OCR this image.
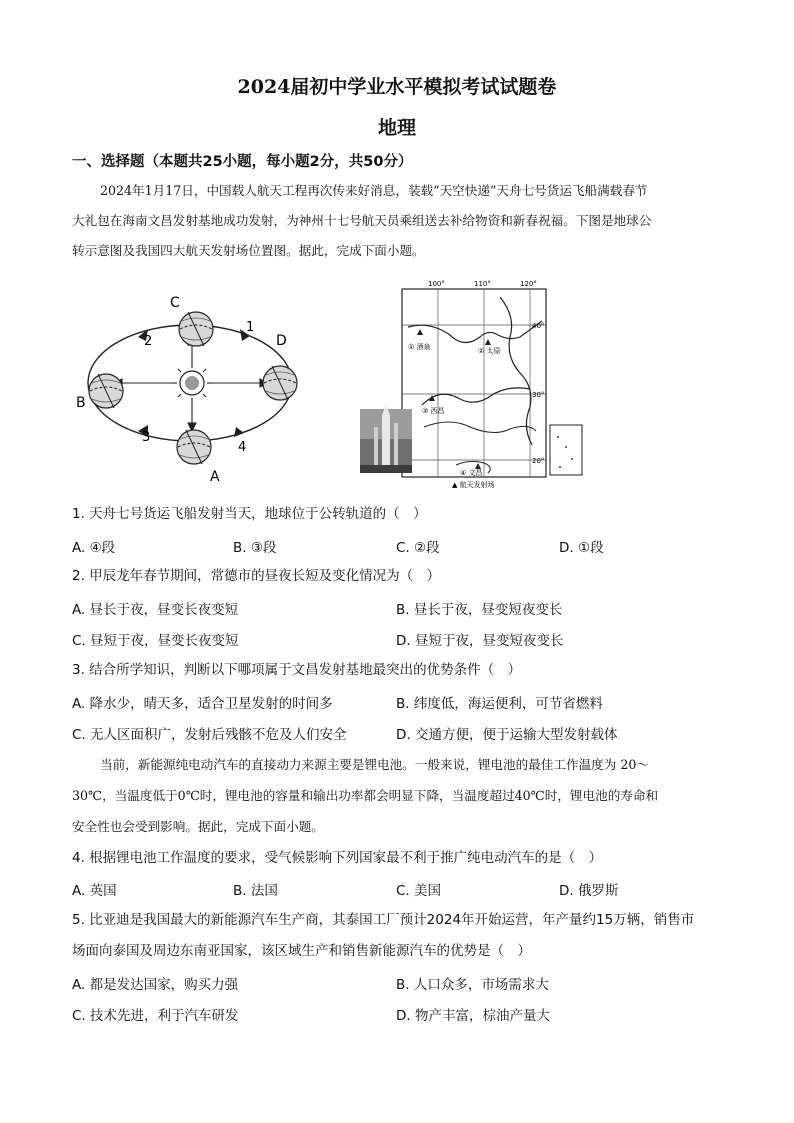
2024届初中学业水平模拟考试试题卷
地理
一、选择题（本题共25小题，每小题2分，共50分）
2024年1月17日，中国载人航天工程再次传来好消息，装载“天空快递”天舟七号货运飞船满载春节
大礼包在海南文昌发射基地成功发射，为神州十七号航天员乘组送去补给物资和新春祝福。下图是地球公
转示意图及我国四大航天发射场位置图。据此，完成下面小题。
C
D
B
A
1
2
3
4
100°	110°	120°
40°
30°
20°
① 酒泉	② 太原
③ 西昌
④ 文昌
▲ 航天发射场
1. 天舟七号货运飞船发射当天，地球位于公转轨道的（　）
A. ④段	B. ③段	C. ②段	D. ①段
2. 甲辰龙年春节期间，常德市的昼夜长短及变化情况为（　）
A. 昼长于夜，昼变长夜变短	B. 昼长于夜，昼变短夜变长
C. 昼短于夜，昼变长夜变短	D. 昼短于夜，昼变短夜变长
3. 结合所学知识，判断以下哪项属于文昌发射基地最突出的优势条件（　）
A. 降水少，晴天多，适合卫星发射的时间多	B. 纬度低，海运便利，可节省燃料
C. 无人区面积广，发射后残骸不危及人们安全	D. 交通方便，便于运输大型发射载体
当前，新能源纯电动汽车的直接动力来源主要是锂电池。一般来说，锂电池的最佳工作温度为 20～
30℃，当温度低于0℃时，锂电池的容量和输出功率都会明显下降，当温度超过40℃时，锂电池的寿命和
安全性也会受到影响。据此，完成下面小题。
4. 根据锂电池工作温度的要求，受气候影响下列国家最不利于推广纯电动汽车的是（　）
A. 英国	B. 法国	C. 美国	D. 俄罗斯
5. 比亚迪是我国最大的新能源汽车生产商，其泰国工厂预计2024年开始运营，年产量约15万辆，销售市
场面向泰国及周边东南亚国家，该区域生产和销售新能源汽车的优势是（　）
A. 都是发达国家，购买力强	B. 人口众多，市场需求大
C. 技术先进，利于汽车研发	D. 物产丰富，棕油产量大
